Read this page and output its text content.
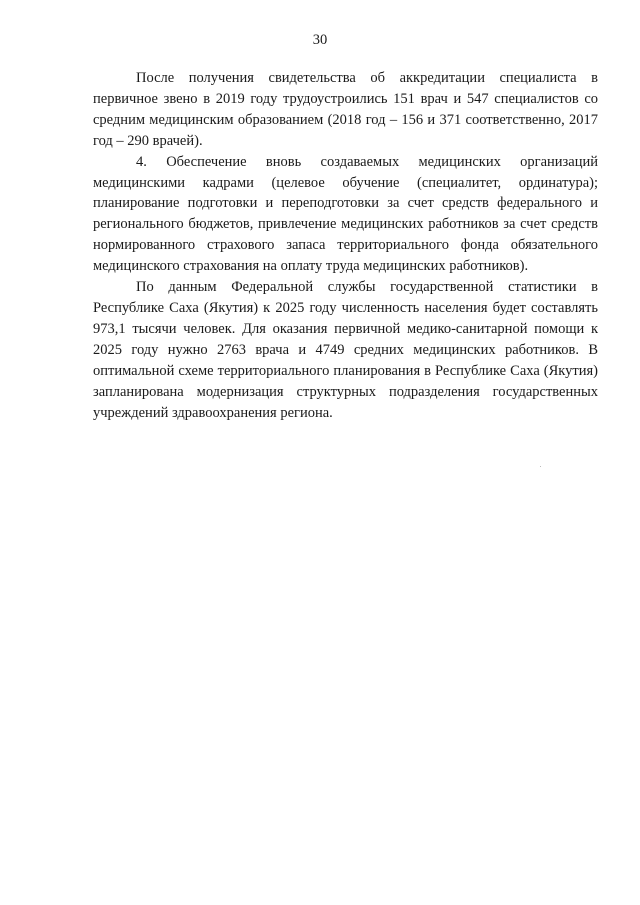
30

После получения свидетельства об аккредитации специалиста в первичное звено в 2019 году трудоустроились 151 врач и 547 специалистов со средним медицинским образованием (2018 год – 156 и 371 соответственно, 2017 год – 290 врачей).

4. Обеспечение вновь создаваемых медицинских организаций медицинскими кадрами (целевое обучение (специалитет, ординатура); планирование подготовки и переподготовки за счет средств федерального и регионального бюджетов, привлечение медицинских работников за счет средств нормированного страхового запаса территориального фонда обязательного медицинского страхования на оплату труда медицинских работников).

По данным Федеральной службы государственной статистики в Республике Саха (Якутия) к 2025 году численность населения будет составлять 973,1 тысячи человек. Для оказания первичной медико-санитарной помощи к 2025 году нужно 2763 врача и 4749 средних медицинских работников. В оптимальной схеме территориального планирования в Республике Саха (Якутия) запланирована модернизация структурных подразделения государственных учреждений здравоохранения региона.
